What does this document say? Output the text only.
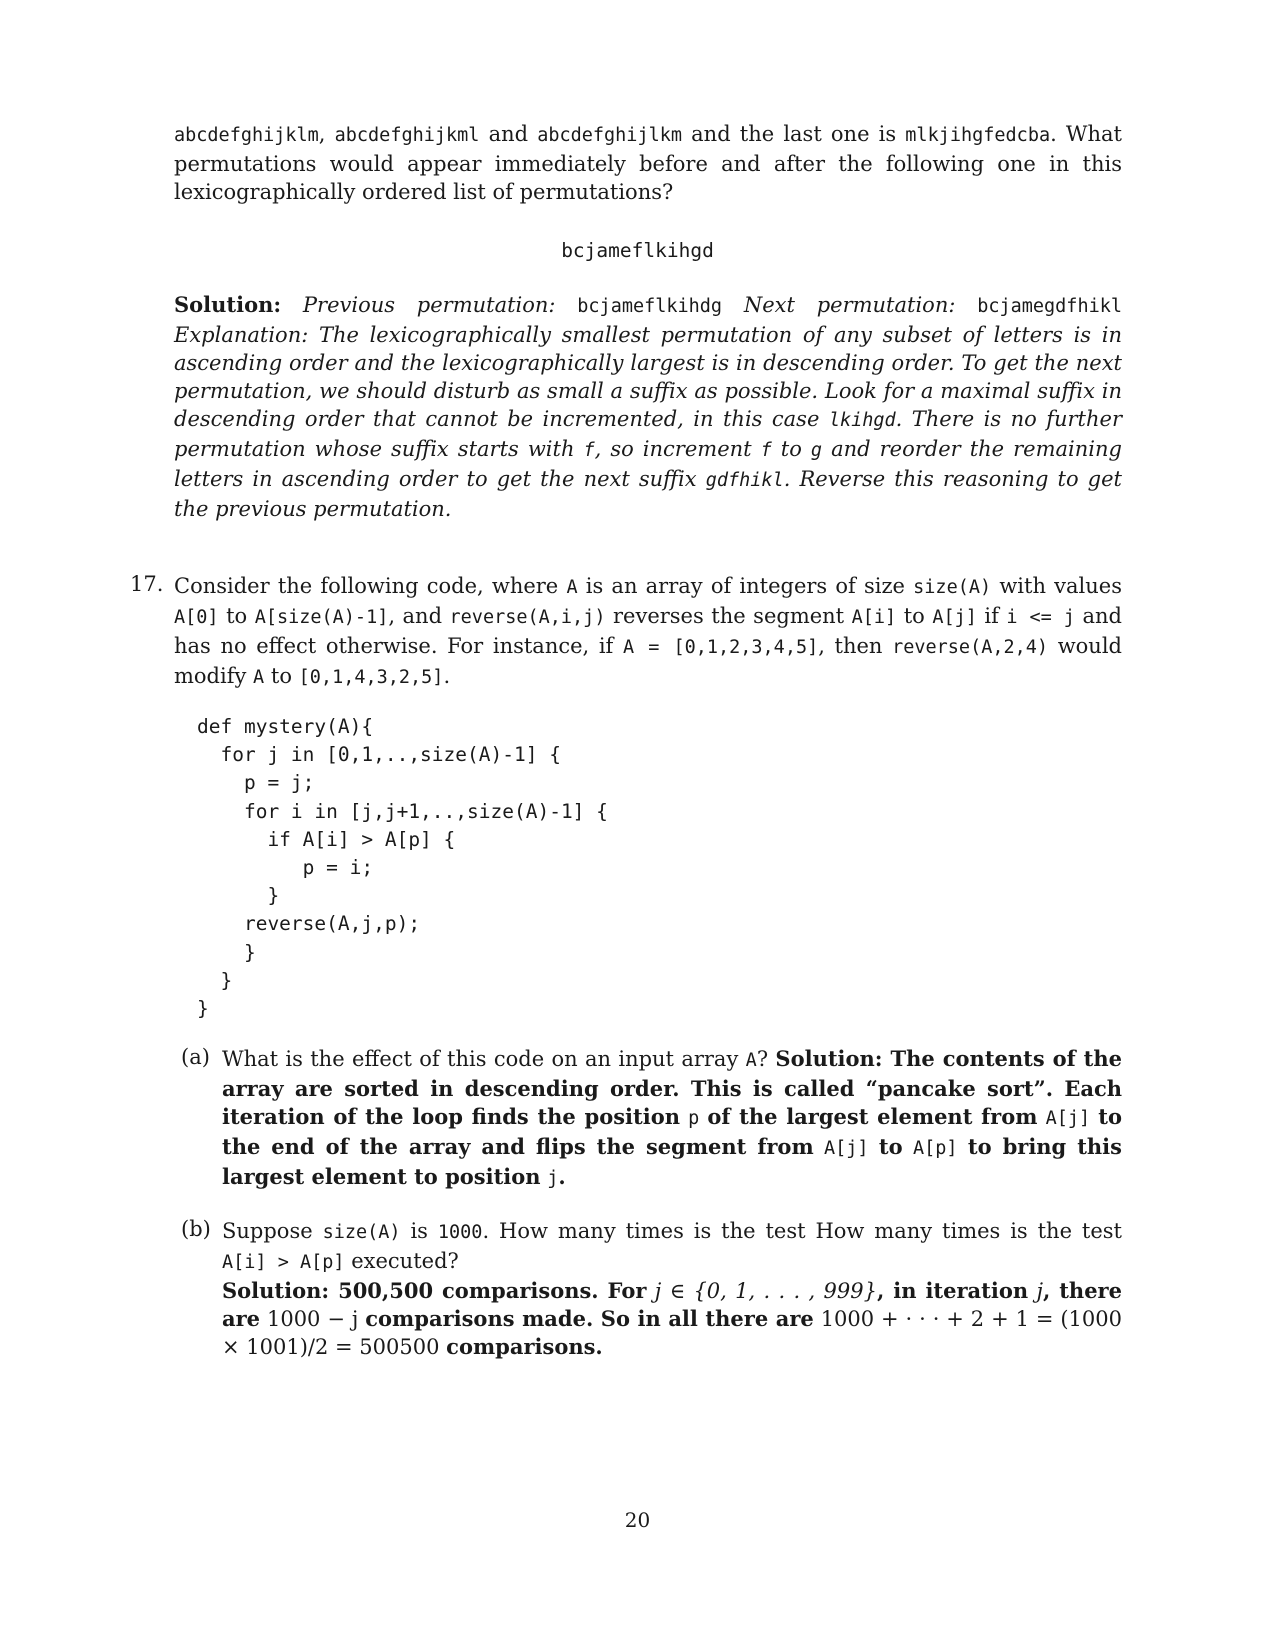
abcdefghijklm, abcdefghijkml and abcdefghijlkm and the last one is mlkjihgfedcba. What permutations would appear immediately before and after the following one in this lexicographically ordered list of permutations?

bcjameflkihgd

Solution: Previous permutation: bcjameflkihdg Next permutation: bcjamegdfhikl Explanation: The lexicographically smallest permutation of any subset of letters is in ascending order and the lexicographically largest is in descending order. To get the next permutation, we should disturb as small a suffix as possible. Look for a maximal suffix in descending order that cannot be incremented, in this case lkihgd. There is no further permutation whose suffix starts with f, so increment f to g and reorder the remaining letters in ascending order to get the next suffix gdfhikl. Reverse this reasoning to get the previous permutation.

17. Consider the following code, where A is an array of integers of size size(A) with values A[0] to A[size(A)-1], and reverse(A,i,j) reverses the segment A[i] to A[j] if i <= j and has no effect otherwise. For instance, if A = [0,1,2,3,4,5], then reverse(A,2,4) would modify A to [0,1,4,3,2,5].

def mystery(A){
for j in [0,1,..,size(A)-1] {
p = j;
for i in [j,j+1,..,size(A)-1] {
if A[i] > A[p] {
p = i;
}
reverse(A,j,p);
}
}
}
(a) What is the effect of this code on an input array A? Solution: The contents of the array are sorted in descending order. This is called “pancake sort”. Each iteration of the loop finds the position p of the largest element from A[j] to the end of the array and flips the segment from A[j] to A[p] to bring this largest element to position j.

(b) Suppose size(A) is 1000. How many times is the test How many times is the test A[i] > A[p] executed?
Solution: 500,500 comparisons. For j ∈ {0, 1, . . . , 999}, in iteration j, there are 1000 − j comparisons made. So in all there are 1000 + · · · + 2 + 1 = (1000 × 1001)/2 = 500500 comparisons.

20
